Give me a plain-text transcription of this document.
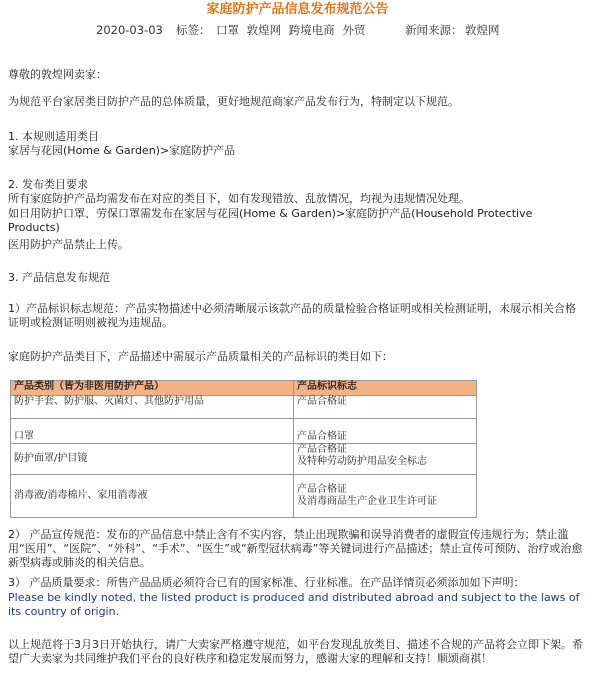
家庭防护产品信息发布规范公告
2020-03-03 标签： 口罩 敦煌网 跨境电商 外贸	新闻来源： 敦煌网
尊敬的敦煌网卖家：
为规范平台家居类目防护产品的总体质量，更好地规范商家产品发布行为，特制定以下规范。
1. 本规则适用类目
家居与花园(Home & Garden)>家庭防护产品
2. 发布类目要求
所有家庭防护产品均需发布在对应的类目下，如有发现错放、乱放情况，均视为违规情况处理。
如日用防护口罩、劳保口罩需发布在家居与花园(Home & Garden)>家庭防护产品(Household Protective Products)
医用防护产品禁止上传。
3. 产品信息发布规范
1）产品标识标志规范：产品实物描述中必须清晰展示该款产品的质量检验合格证明或相关检测证明，未展示相关合格证明或检测证明则被视为违规品。
家庭防护产品类目下，产品描述中需展示产品质量相关的产品标识的类目如下：
产品类别（皆为非医用防护产品）	产品标识标志
防护手套、防护服、灭菌灯、其他防护用品	产品合格证
口罩	产品合格证
防护面罩/护目镜	产品合格证
及特种劳动防护用品安全标志

消毒液/消毒棉片、家用消毒液	产品合格证
及消毒商品生产企业卫生许可证
2） 产品宣传规范：发布的产品信息中禁止含有不实内容，禁止出现欺骗和误导消费者的虚假宣传违规行为；禁止滥用“医用”、“医院”、“外科”、“手术”、“医生”或“新型冠状病毒”等关键词进行产品描述；禁止宣传可预防、治疗或治愈新型病毒或肺炎的相关信息。
3） 产品质量要求：所售产品品质必须符合已有的国家标准、行业标准。在产品详情页必须添加如下声明：
Please be kindly noted, the listed product is produced and distributed abroad and subject to the laws of its country of origin.
以上规范将于3月3日开始执行，请广大卖家严格遵守规范，如平台发现乱放类目、描述不合规的产品将会立即下架。希望广大卖家为共同维护我们平台的良好秩序和稳定发展而努力，感谢大家的理解和支持！顺颂商祺！
